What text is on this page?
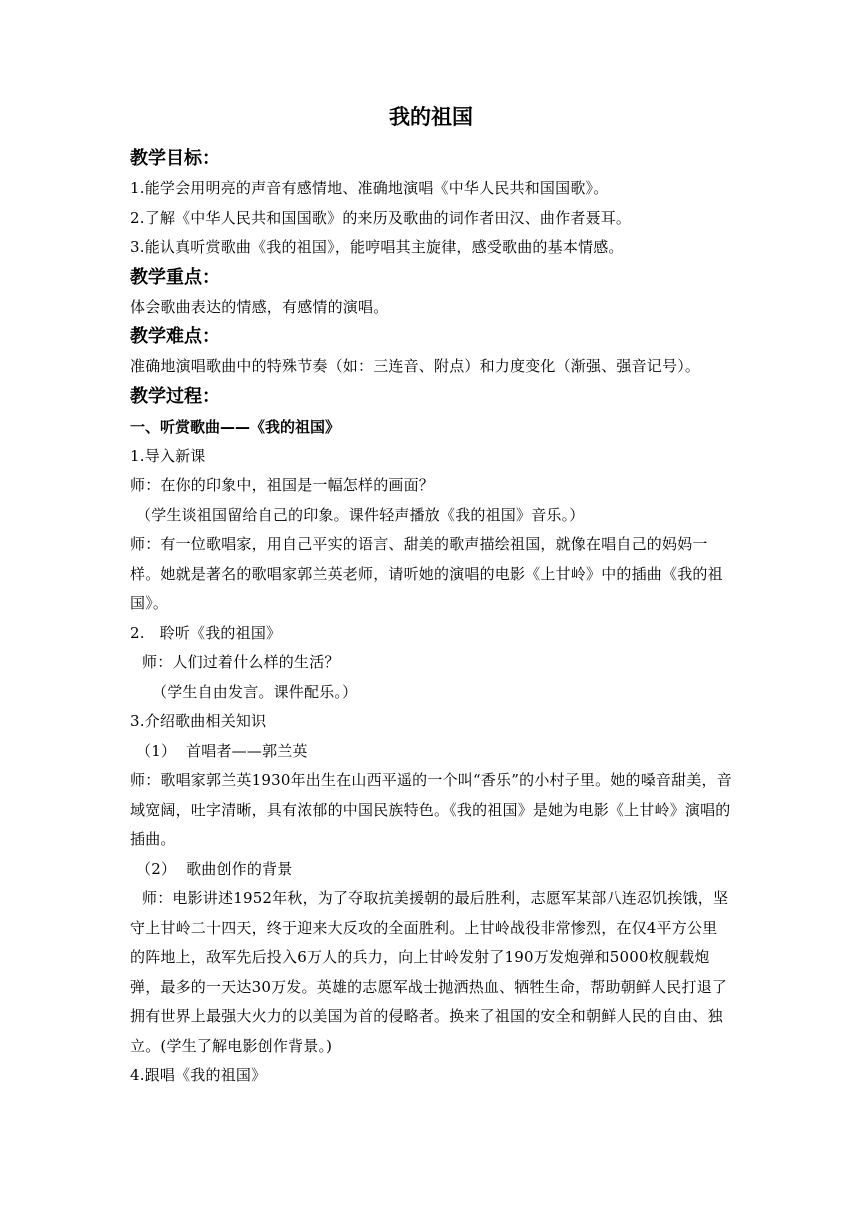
我的祖国
教学目标：

1.能学会用明亮的声音有感情地、准确地演唱《中华人民共和国国歌》。

2.了解《中华人民共和国国歌》的来历及歌曲的词作者田汉、曲作者聂耳。

3.能认真听赏歌曲《我的祖国》，能哼唱其主旋律，感受歌曲的基本情感。

教学重点：

体会歌曲表达的情感，有感情的演唱。

教学难点：

准确地演唱歌曲中的特殊节奏（如：三连音、附点）和力度变化（渐强、强音记号）。

教学过程：
一、听赏歌曲——《我的祖国》

1.导入新课

师：在你的印象中，祖国是一幅怎样的画面？

（学生谈祖国留给自己的印象。课件轻声播放《我的祖国》音乐。）

师：有一位歌唱家，用自己平实的语言、甜美的歌声描绘祖国，就像在唱自己的妈妈一样。她就是著名的歌唱家郭兰英老师，请听她的演唱的电影《上甘岭》中的插曲《我的祖国》。

2.   聆听《我的祖国》

师：人们过着什么样的生活？

（学生自由发言。课件配乐。）

3.介绍歌曲相关知识

（1）  首唱者——郭兰英

师：歌唱家郭兰英1930年出生在山西平遥的一个叫“香乐”的小村子里。她的嗓音甜美，音域宽阔，吐字清晰，具有浓郁的中国民族特色。《我的祖国》是她为电影《上甘岭》演唱的插曲。

（2）  歌曲创作的背景

师：电影讲述1952年秋，为了夺取抗美援朝的最后胜利，志愿军某部八连忍饥挨饿，坚守上甘岭二十四天，终于迎来大反攻的全面胜利。上甘岭战役非常惨烈，在仅4平方公里的阵地上，敌军先后投入6万人的兵力，向上甘岭发射了190万发炮弹和5000枚舰载炮弹，最多的一天达30万发。英雄的志愿军战士抛洒热血、牺牲生命，帮助朝鲜人民打退了拥有世界上最强大火力的以美国为首的侵略者。换来了祖国的安全和朝鲜人民的自由、独立。(学生了解电影创作背景。)

4.跟唱《我的祖国》
